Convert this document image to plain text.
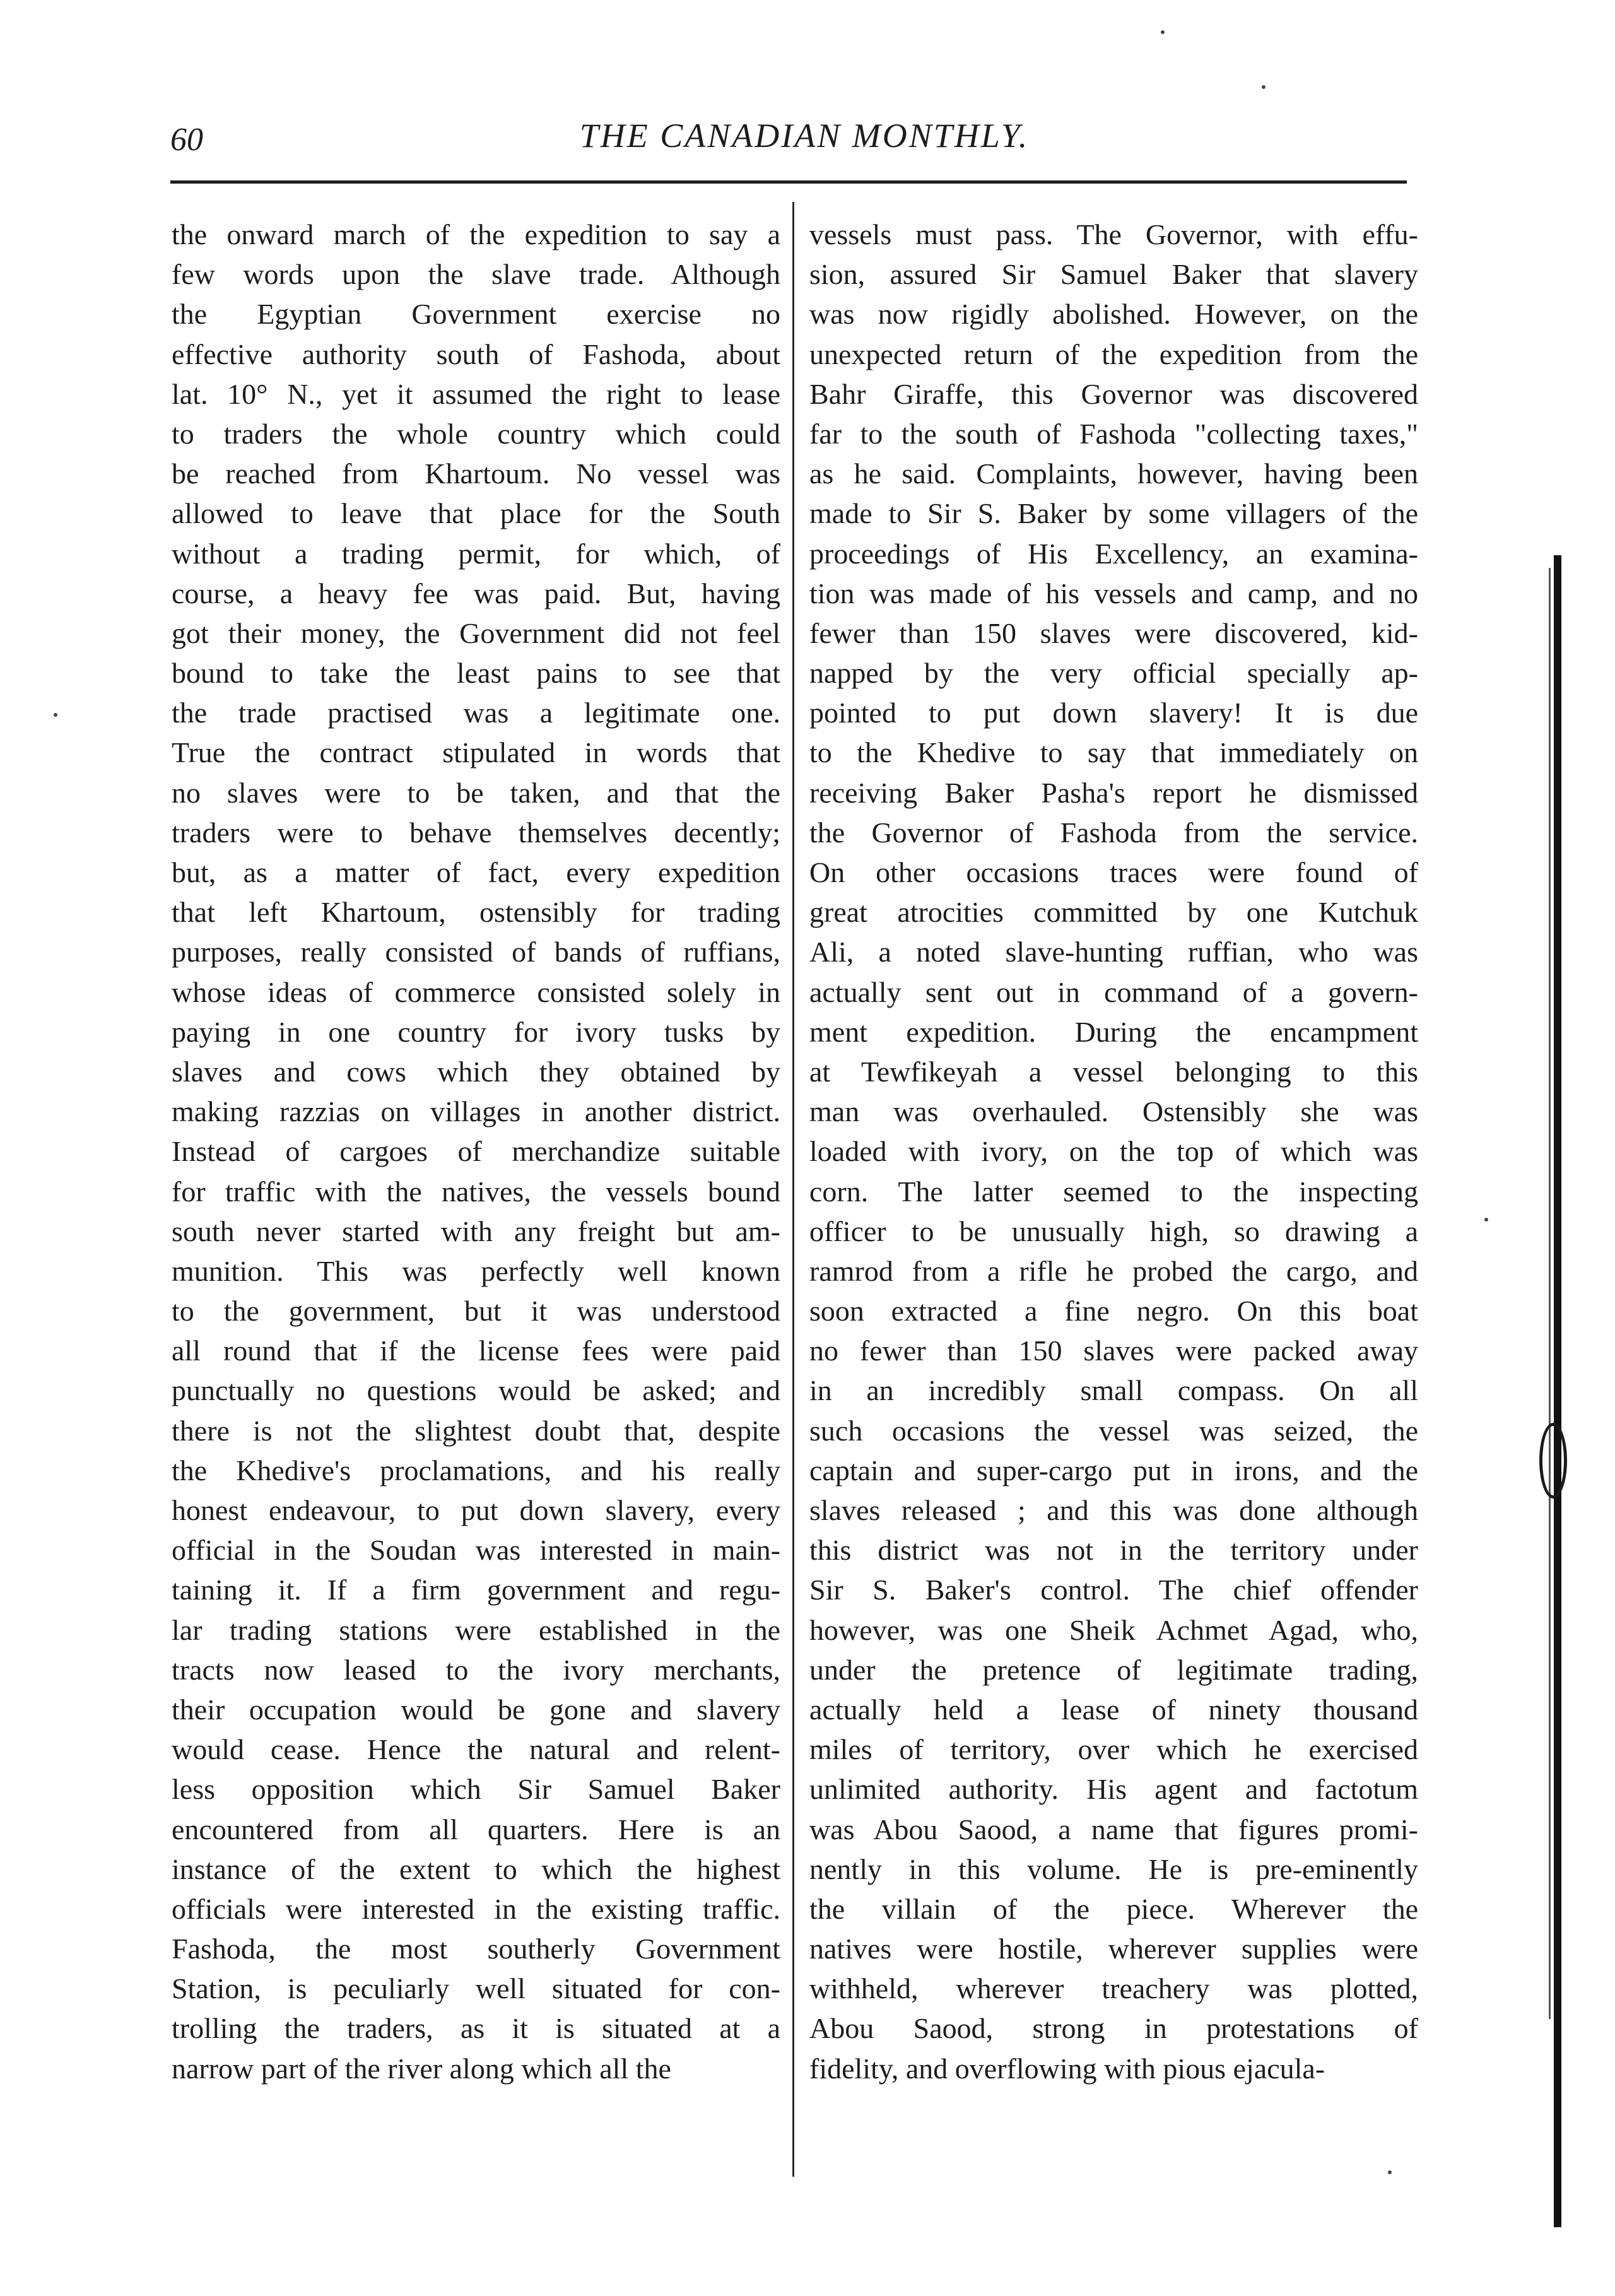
60	THE CANADIAN MONTHLY.
the onward march of the expedition to say a
few words upon the slave trade. Although
the Egyptian Government exercise no
effective authority south of Fashoda, about
lat. 10° N., yet it assumed the right to lease
to traders the whole country which could
be reached from Khartoum. No vessel was
allowed to leave that place for the South
without a trading permit, for which, of
course, a heavy fee was paid. But, having
got their money, the Government did not feel
bound to take the least pains to see that
the trade practised was a legitimate one.
True the contract stipulated in words that
no slaves were to be taken, and that the
traders were to behave themselves decently;
but, as a matter of fact, every expedition
that left Khartoum, ostensibly for trading
purposes, really consisted of bands of ruffians,
whose ideas of commerce consisted solely in
paying in one country for ivory tusks by
slaves and cows which they obtained by
making razzias on villages in another district.
Instead of cargoes of merchandize suitable
for traffic with the natives, the vessels bound
south never started with any freight but am-
munition. This was perfectly well known
to the government, but it was understood
all round that if the license fees were paid
punctually no questions would be asked; and
there is not the slightest doubt that, despite
the Khedive's proclamations, and his really
honest endeavour, to put down slavery, every
official in the Soudan was interested in main-
taining it. If a firm government and regu-
lar trading stations were established in the
tracts now leased to the ivory merchants,
their occupation would be gone and slavery
would cease. Hence the natural and relent-
less opposition which Sir Samuel Baker
encountered from all quarters. Here is an
instance of the extent to which the highest
officials were interested in the existing traffic.
Fashoda, the most southerly Government
Station, is peculiarly well situated for con-
trolling the traders, as it is situated at a
narrow part of the river along which all the
vessels must pass. The Governor, with effu-
sion, assured Sir Samuel Baker that slavery
was now rigidly abolished. However, on the
unexpected return of the expedition from the
Bahr Giraffe, this Governor was discovered
far to the south of Fashoda "collecting taxes,"
as he said. Complaints, however, having been
made to Sir S. Baker by some villagers of the
proceedings of His Excellency, an examina-
tion was made of his vessels and camp, and no
fewer than 150 slaves were discovered, kid-
napped by the very official specially ap-
pointed to put down slavery! It is due
to the Khedive to say that immediately on
receiving Baker Pasha's report he dismissed
the Governor of Fashoda from the service.
On other occasions traces were found of
great atrocities committed by one Kutchuk
Ali, a noted slave-hunting ruffian, who was
actually sent out in command of a govern-
ment expedition. During the encampment
at Tewfikeyah a vessel belonging to this
man was overhauled. Ostensibly she was
loaded with ivory, on the top of which was
corn. The latter seemed to the inspecting
officer to be unusually high, so drawing a
ramrod from a rifle he probed the cargo, and
soon extracted a fine negro. On this boat
no fewer than 150 slaves were packed away
in an incredibly small compass. On all
such occasions the vessel was seized, the
captain and super-cargo put in irons, and the
slaves released ; and this was done although
this district was not in the territory under
Sir S. Baker's control. The chief offender
however, was one Sheik Achmet Agad, who,
under the pretence of legitimate trading,
actually held a lease of ninety thousand
miles of territory, over which he exercised
unlimited authority. His agent and factotum
was Abou Saood, a name that figures promi-
nently in this volume. He is pre-eminently
the villain of the piece. Wherever the
natives were hostile, wherever supplies were
withheld, wherever treachery was plotted,
Abou Saood, strong in protestations of
fidelity, and overflowing with pious ejacula-
